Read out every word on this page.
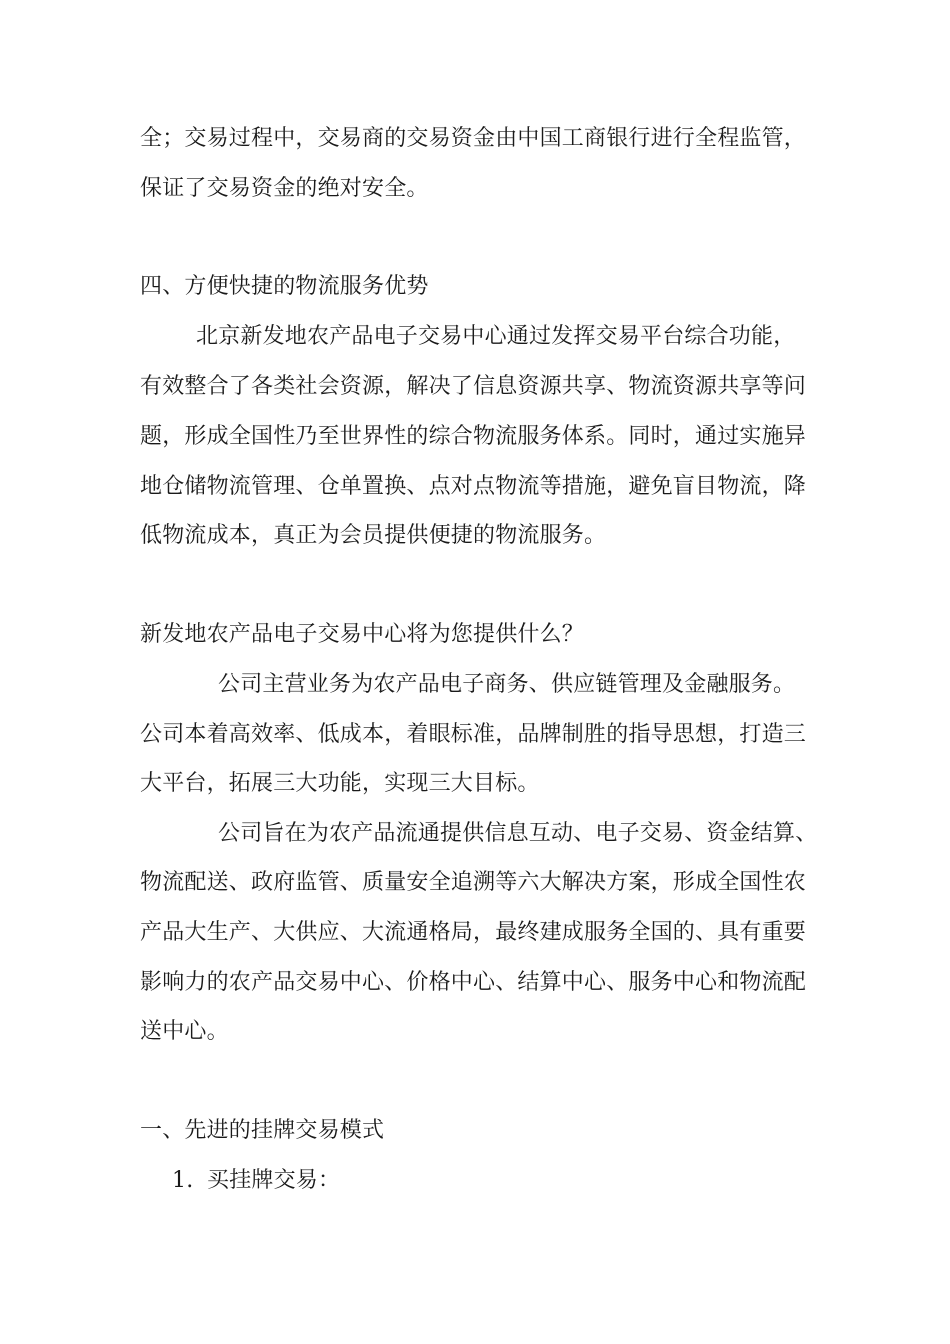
全；交易过程中，交易商的交易资金由中国工商银行进行全程监管，
保证了交易资金的绝对安全。
四、方便快捷的物流服务优势
北京新发地农产品电子交易中心通过发挥交易平台综合功能，
有效整合了各类社会资源，解决了信息资源共享、物流资源共享等问
题，形成全国性乃至世界性的综合物流服务体系。同时，通过实施异
地仓储物流管理、仓单置换、点对点物流等措施，避免盲目物流，降
低物流成本，真正为会员提供便捷的物流服务。
新发地农产品电子交易中心将为您提供什么？
公司主营业务为农产品电子商务、供应链管理及金融服务。
公司本着高效率、低成本，着眼标准，品牌制胜的指导思想，打造三
大平台，拓展三大功能，实现三大目标。
公司旨在为农产品流通提供信息互动、电子交易、资金结算、
物流配送、政府监管、质量安全追溯等六大解决方案，形成全国性农
产品大生产、大供应、大流通格局，最终建成服务全国的、具有重要
影响力的农产品交易中心、价格中心、结算中心、服务中心和物流配
送中心。
一、先进的挂牌交易模式
1. 买挂牌交易：
